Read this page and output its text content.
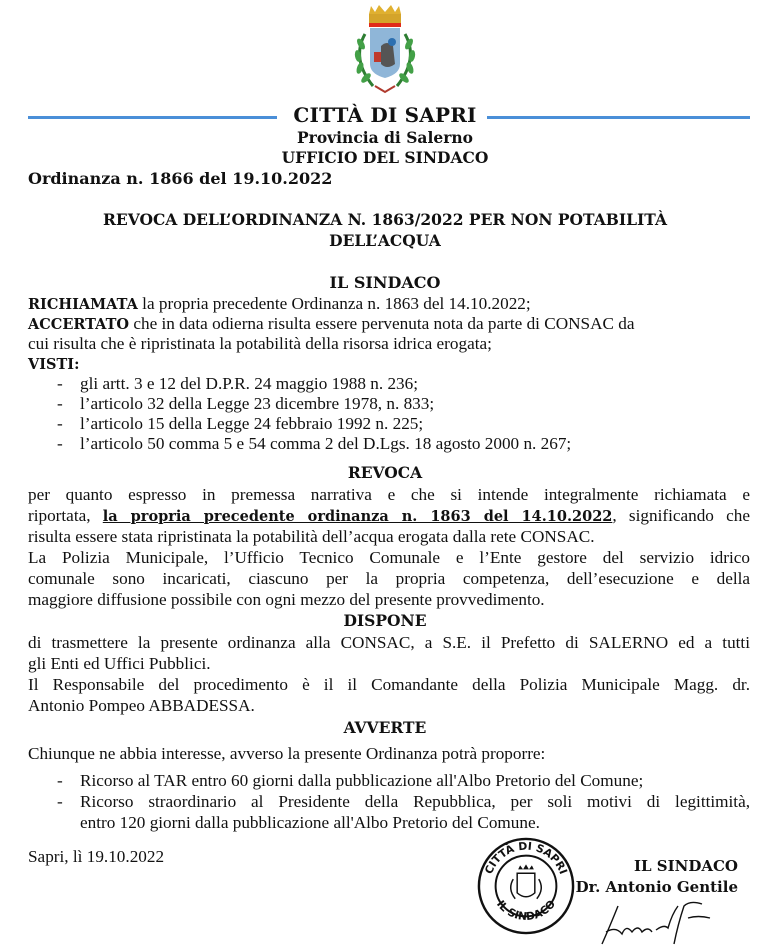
CITTÀ DI SAPRI
Provincia di Salerno
UFFICIO DEL SINDACO
Ordinanza n. 1866 del 19.10.2022
REVOCA DELL’ORDINANZA N. 1863/2022 PER NON POTABILITÀ
DELL’ACQUA
IL SINDACO
RICHIAMATA la propria precedente Ordinanza n. 1863 del 14.10.2022;
ACCERTATO che in data odierna risulta essere pervenuta nota da parte di CONSAC da
cui risulta che è ripristinata la potabilità della risorsa idrica erogata;
VISTI:
- gli artt. 3 e 12 del D.P.R. 24 maggio 1988 n. 236;
- l’articolo 32 della Legge 23 dicembre 1978, n. 833;
- l’articolo 15 della Legge 24 febbraio 1992 n. 225;
- l’articolo 50 comma 5 e 54 comma 2 del D.Lgs. 18 agosto 2000 n. 267;
REVOCA
per quanto espresso in premessa narrativa e che si intende integralmente richiamata e
riportata, la propria precedente ordinanza n. 1863 del 14.10.2022, significando che
risulta essere stata ripristinata la potabilità dell’acqua erogata dalla rete CONSAC.
La Polizia Municipale, l’Ufficio Tecnico Comunale e l’Ente gestore del servizio idrico
comunale sono incaricati, ciascuno per la propria competenza, dell’esecuzione e della
maggiore diffusione possibile con ogni mezzo del presente provvedimento.
DISPONE
di trasmettere la presente ordinanza alla CONSAC, a S.E. il Prefetto di SALERNO ed a tutti
gli Enti ed Uffici Pubblici.
Il Responsabile del procedimento è il il Comandante della Polizia Municipale Magg. dr.
Antonio Pompeo ABBADESSA.
AVVERTE
Chiunque ne abbia interesse, avverso la presente Ordinanza potrà proporre:
- Ricorso al TAR entro 60 giorni dalla pubblicazione all'Albo Pretorio del Comune;
- Ricorso straordinario al Presidente della Repubblica, per soli motivi di legittimità,
entro 120 giorni dalla pubblicazione all'Albo Pretorio del Comune.
Sapri, lì 19.10.2022
CITTÀ DI SAPRI
IL SINDACO
IL SINDACO
Dr. Antonio Gentile
